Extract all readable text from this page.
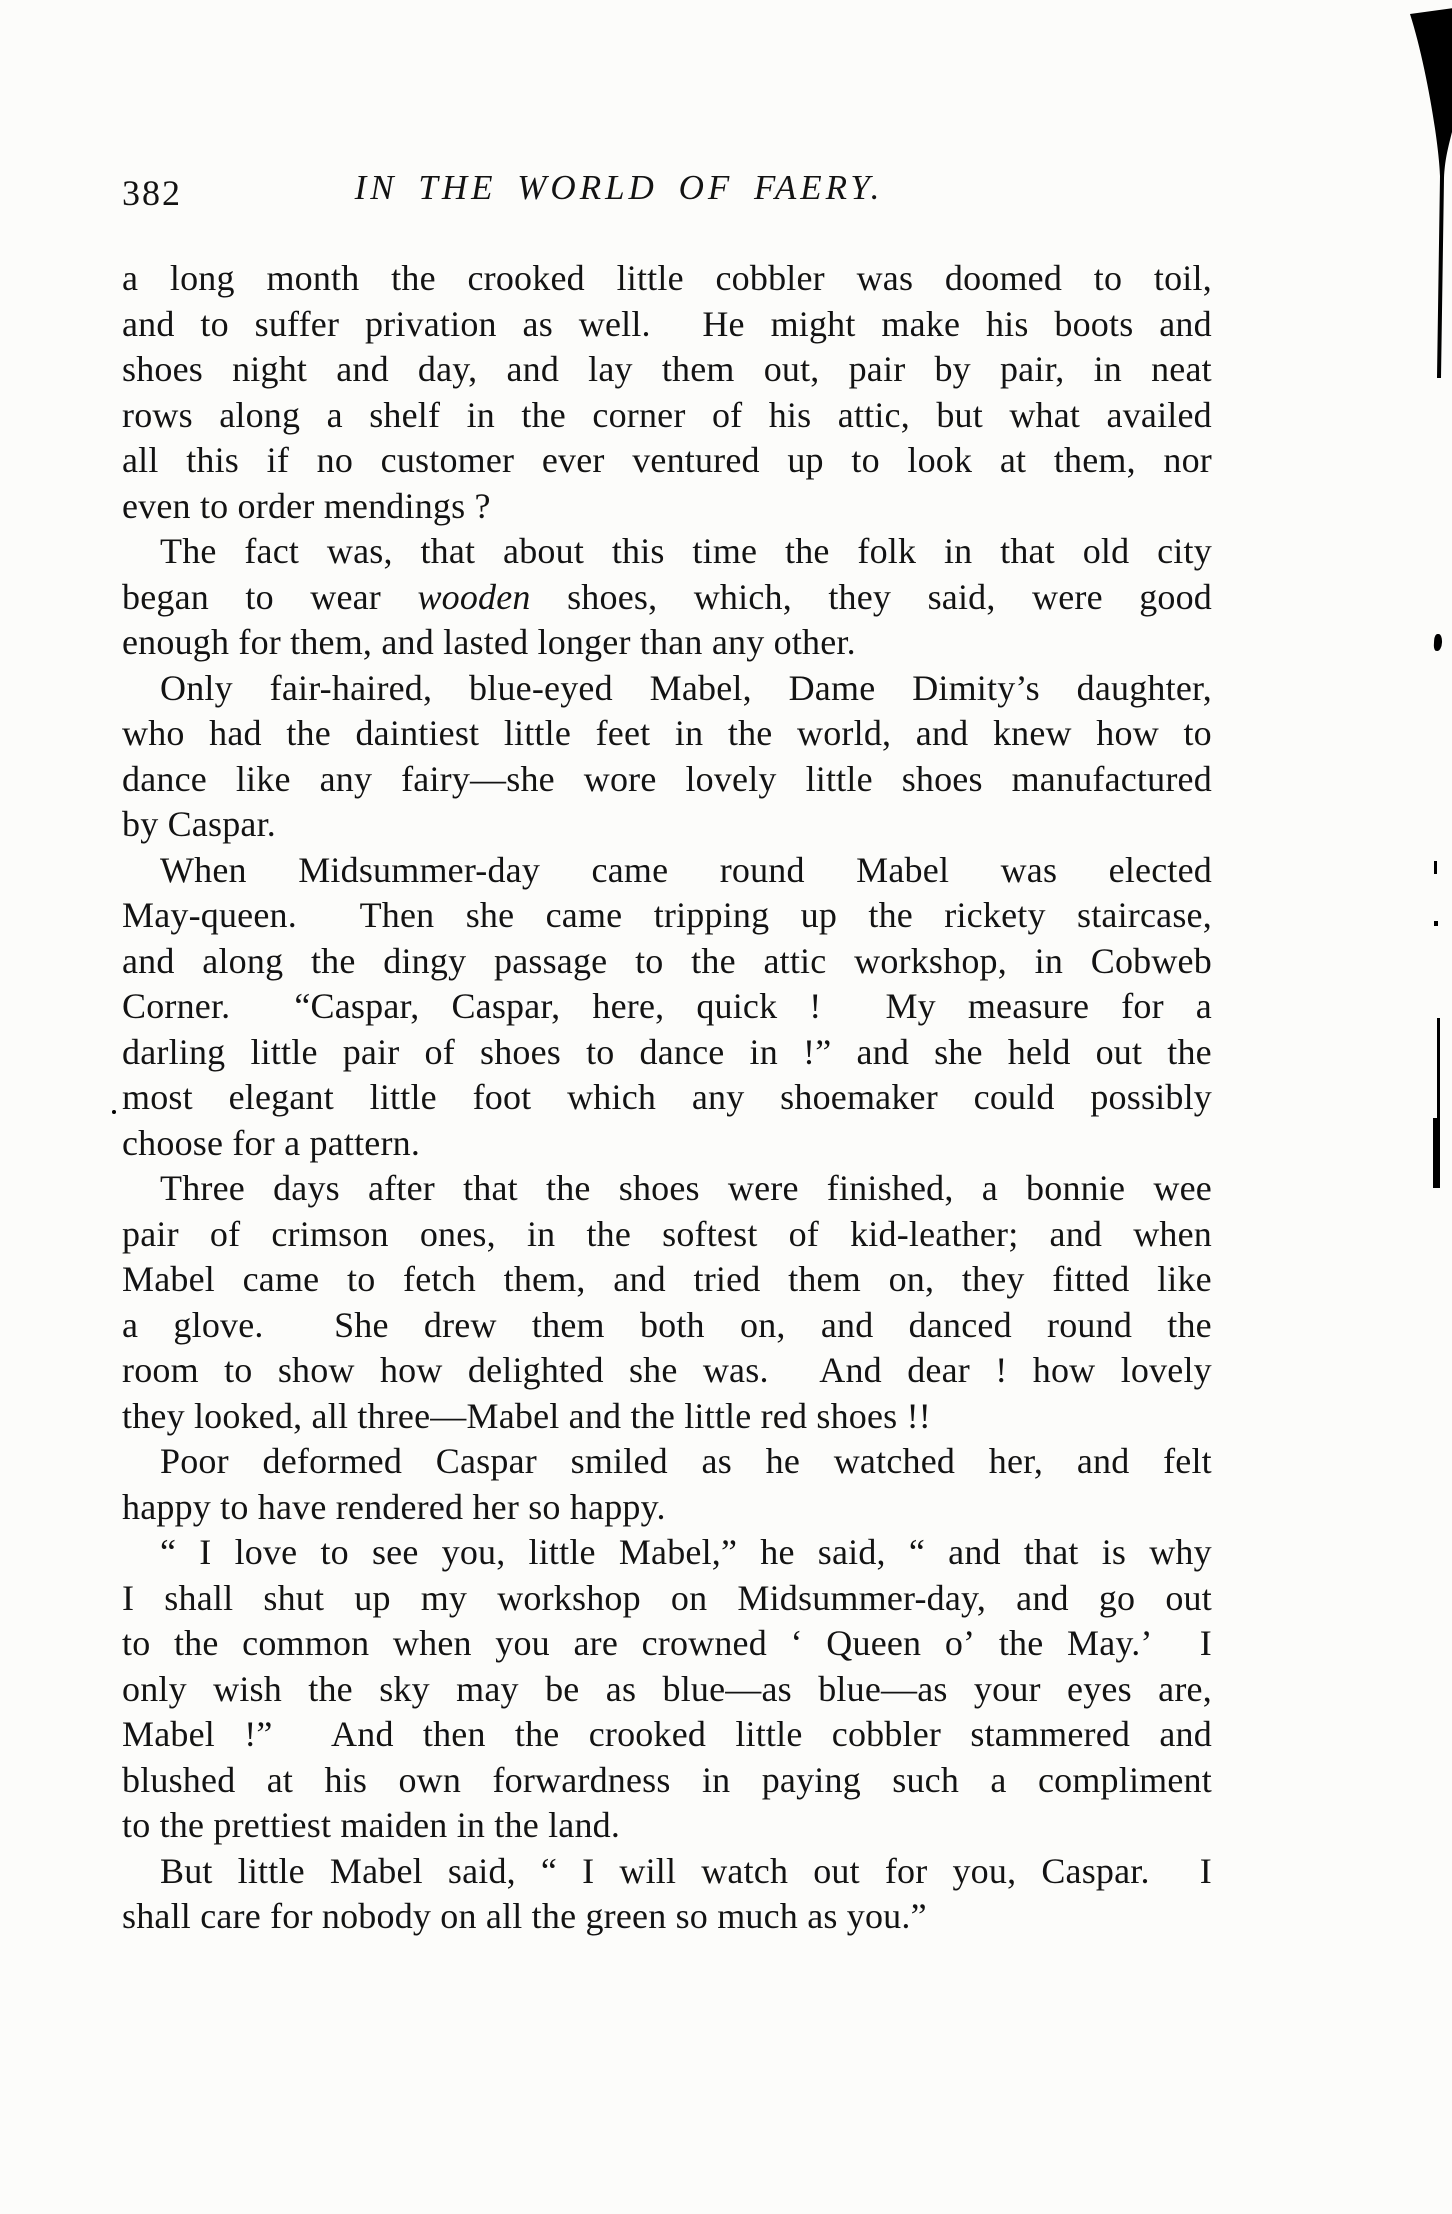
382	IN THE WORLD OF FAERY.
a long month the crooked little cobbler was doomed to toil,
and to suffer privation as well. He might make his boots and
shoes night and day, and lay them out, pair by pair, in neat
rows along a shelf in the corner of his attic, but what availed
all this if no customer ever ventured up to look at them, nor
even to order mendings ?
The fact was, that about this time the folk in that old city
began to wear wooden shoes, which, they said, were good
enough for them, and lasted longer than any other.
Only fair-haired, blue-eyed Mabel, Dame Dimity’s daughter,
who had the daintiest little feet in the world, and knew how to
dance like any fairy—she wore lovely little shoes manufactured
by Caspar.
When Midsummer-day came round Mabel was elected
May-queen. Then she came tripping up the rickety staircase,
and along the dingy passage to the attic workshop, in Cobweb
Corner. “Caspar, Caspar, here, quick ! My measure for a
darling little pair of shoes to dance in !” and she held out the
most elegant little foot which any shoemaker could possibly
choose for a pattern.
Three days after that the shoes were finished, a bonnie wee
pair of crimson ones, in the softest of kid-leather; and when
Mabel came to fetch them, and tried them on, they fitted like
a glove. She drew them both on, and danced round the
room to show how delighted she was. And dear ! how lovely
they looked, all three—Mabel and the little red shoes !!
Poor deformed Caspar smiled as he watched her, and felt
happy to have rendered her so happy.
“ I love to see you, little Mabel,” he said, “ and that is why
I shall shut up my workshop on Midsummer-day, and go out
to the common when you are crowned ‘ Queen o’ the May.’ I
only wish the sky may be as blue—as blue—as your eyes are,
Mabel !” And then the crooked little cobbler stammered and
blushed at his own forwardness in paying such a compliment
to the prettiest maiden in the land.
But little Mabel said, “ I will watch out for you, Caspar. I
shall care for nobody on all the green so much as you.”
